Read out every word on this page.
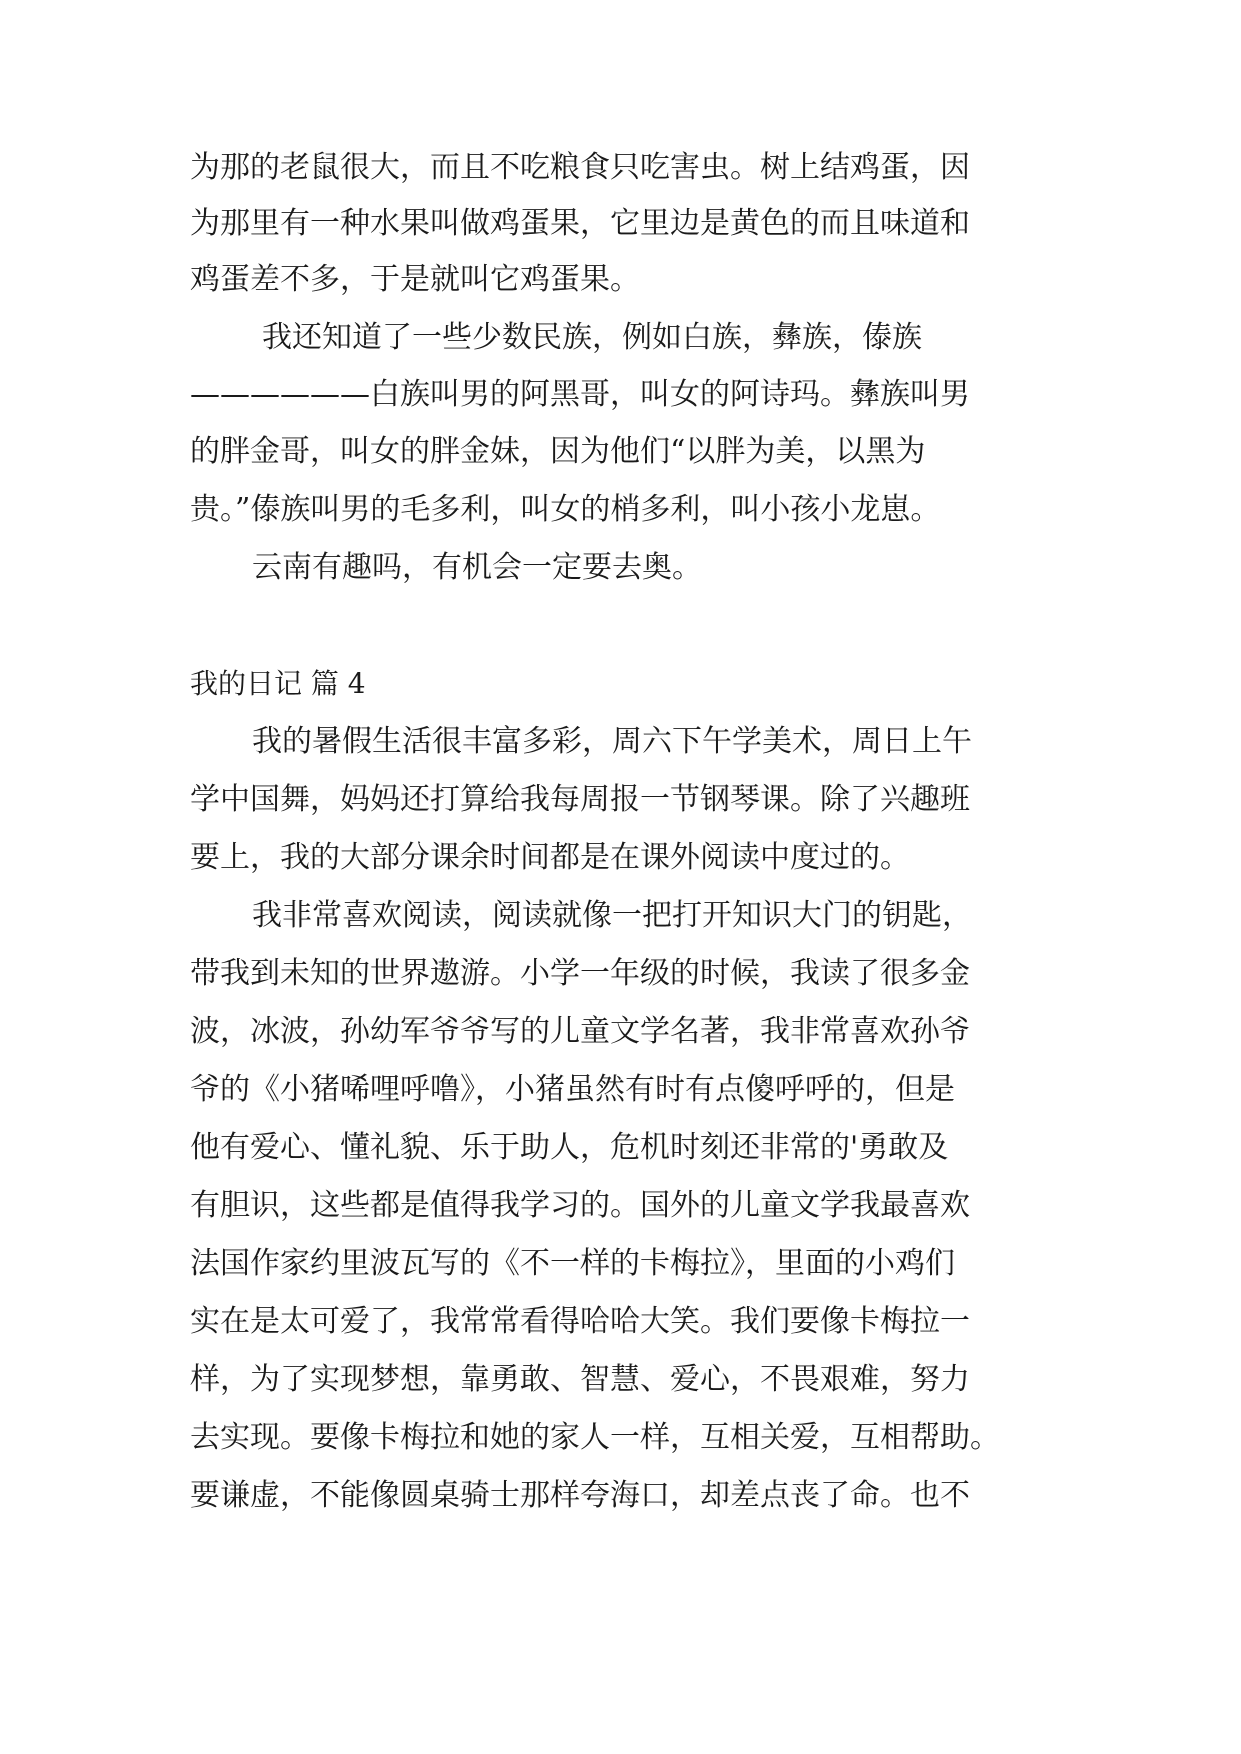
为那的老鼠很大，而且不吃粮食只吃害虫。树上结鸡蛋，因
为那里有一种水果叫做鸡蛋果，它里边是黄色的而且味道和
鸡蛋差不多，于是就叫它鸡蛋果。
我还知道了一些少数民族，例如白族，彝族，傣族
——————白族叫男的阿黑哥，叫女的阿诗玛。彝族叫男
的胖金哥，叫女的胖金妹，因为他们“以胖为美，以黑为
贵。”傣族叫男的毛多利，叫女的梢多利，叫小孩小龙崽。
云南有趣吗，有机会一定要去奥。
我的日记 篇 4
我的暑假生活很丰富多彩，周六下午学美术，周日上午
学中国舞，妈妈还打算给我每周报一节钢琴课。除了兴趣班
要上，我的大部分课余时间都是在课外阅读中度过的。
我非常喜欢阅读，阅读就像一把打开知识大门的钥匙，
带我到未知的世界遨游。小学一年级的时候，我读了很多金
波，冰波，孙幼军爷爷写的儿童文学名著，我非常喜欢孙爷
爷的《小猪唏哩呼噜》，小猪虽然有时有点傻呼呼的，但是
他有爱心、懂礼貌、乐于助人，危机时刻还非常的'勇敢及
有胆识，这些都是值得我学习的。国外的儿童文学我最喜欢
法国作家约里波瓦写的《不一样的卡梅拉》，里面的小鸡们
实在是太可爱了，我常常看得哈哈大笑。我们要像卡梅拉一
样，为了实现梦想，靠勇敢、智慧、爱心，不畏艰难，努力
去实现。要像卡梅拉和她的家人一样，互相关爱，互相帮助。
要谦虚，不能像圆桌骑士那样夸海口，却差点丧了命。也不
